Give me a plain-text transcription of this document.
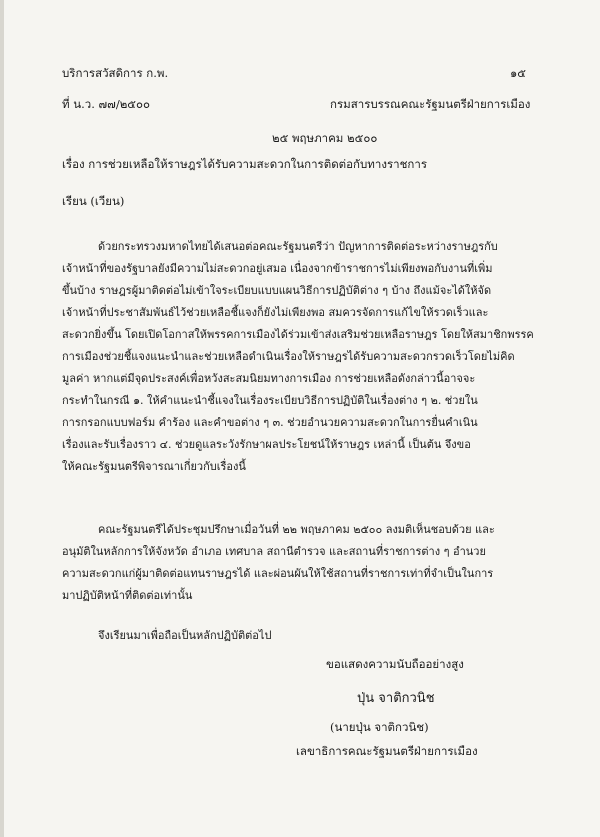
บริการสวัสดิการ ก.พ.	๑๕
ที่ น.ว. ๗๗/๒๕๐๐	กรมสารบรรณคณะรัฐมนตรีฝ่ายการเมือง
๒๕ พฤษภาคม ๒๕๐๐
เรื่อง การช่วยเหลือให้ราษฎรได้รับความสะดวกในการติดต่อกับทางราชการ
เรียน (เวียน)
ด้วยกระทรวงมหาดไทยได้เสนอต่อคณะรัฐมนตรีว่า ปัญหาการติดต่อระหว่างราษฎรกับ
เจ้าหน้าที่ของรัฐบาลยังมีความไม่สะดวกอยู่เสมอ เนื่องจากข้าราชการไม่เพียงพอกับงานที่เพิ่ม
ขึ้นบ้าง ราษฎรผู้มาติดต่อไม่เข้าใจระเบียบแบบแผนวิธีการปฏิบัติต่าง ๆ บ้าง ถึงแม้จะได้ให้จัด
เจ้าหน้าที่ประชาสัมพันธ์ไว้ช่วยเหลือชี้แจงก็ยังไม่เพียงพอ สมควรจัดการแก้ไขให้รวดเร็วและ
สะดวกยิ่งขึ้น โดยเปิดโอกาสให้พรรคการเมืองได้ร่วมเข้าส่งเสริมช่วยเหลือราษฎร โดยให้สมาชิกพรรค
การเมืองช่วยชี้แจงแนะนำและช่วยเหลือดำเนินเรื่องให้ราษฎรได้รับความสะดวกรวดเร็วโดยไม่คิด
มูลค่า หากแต่มีจุดประสงค์เพื่อหวังสะสมนิยมทางการเมือง การช่วยเหลือดังกล่าวนี้อาจจะ
กระทำในกรณี ๑. ให้คำแนะนำชี้แจงในเรื่องระเบียบวิธีการปฏิบัติในเรื่องต่าง ๆ ๒. ช่วยใน
การกรอกแบบฟอร์ม คำร้อง และคำขอต่าง ๆ ๓. ช่วยอำนวยความสะดวกในการยื่นคำเนิน
เรื่องและรับเรื่องราว ๔. ช่วยดูแลระวังรักษาผลประโยชน์ให้ราษฎร เหล่านี้ เป็นต้น จึงขอ
ให้คณะรัฐมนตรีพิจารณาเกี่ยวกับเรื่องนี้
คณะรัฐมนตรีได้ประชุมปรึกษาเมื่อวันที่ ๒๒ พฤษภาคม ๒๕๐๐ ลงมติเห็นชอบด้วย และ
อนุมัติในหลักการให้จังหวัด อำเภอ เทศบาล สถานีตำรวจ และสถานที่ราชการต่าง ๆ อำนวย
ความสะดวกแก่ผู้มาติดต่อแทนราษฎรได้ และผ่อนผันให้ใช้สถานที่ราชการเท่าที่จำเป็นในการ
มาปฏิบัติหน้าที่ติดต่อเท่านั้น
จึงเรียนมาเพื่อถือเป็นหลักปฏิบัติต่อไป
ขอแสดงความนับถืออย่างสูง
ปุ่น จาติกวนิช
(นายปุ่น จาติกวนิช)
เลขาธิการคณะรัฐมนตรีฝ่ายการเมือง
